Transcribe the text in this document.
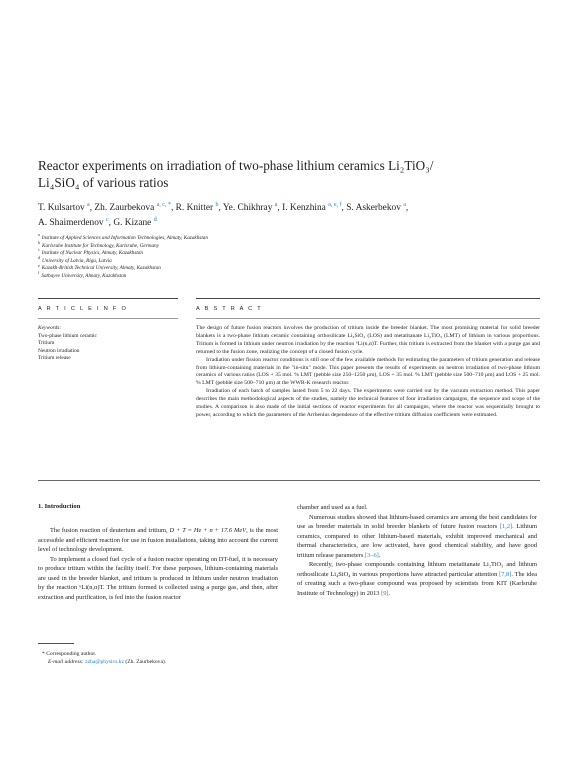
Reactor experiments on irradiation of two-phase lithium ceramics Li₂TiO₃/
Li₄SiO₄ of various ratios
T. Kulsartov $^a$, Zh. Zaurbekova $^{a, c, *}$, R. Knitter $^b$, Ye. Chikhray $^a$, I. Kenzhina $^{a, e, f}$, S. Askerbekov $^a$,
A. Shaimerdenov $^c$, G. Kizane $^d$
$^a$Institute of Applied Sciences and Information Technologies, Almaty, Kazakhstan
$^b$Karlsruhe Institute for Technology, Karlsruhe, Germany
$^c$Institute of Nuclear Physics, Almaty, Kazakhstan
$^d$University of Latvia, Riga, Latvia
$^e$Kazakh-British Technical University, Almaty, Kazakhstan
$^f$Satbayev University, Almaty, Kazakhstan
A R T I C L E I N F O	A B S T R A C T
Keywords:
Two-phase lithium ceramic
Tritium
Neutron irradiation
Tritium release

The design of future fusion reactors involves the production of tritium inside the breeder blanket. The most promising material for solid breeder blankets is a two-phase lithium ceramic containing orthosilicate Li₄SiO₄ (LOS) and metatitanate Li₂TiO₃ (LMT) of lithium in various proportions. Tritium is formed in lithium under neutron irradiation by the reaction ⁶Li(n,α)T. Further, this tritium is extracted from the blanket with a purge gas and returned to the fusion zone, realizing the concept of a closed fusion cycle.

Irradiation under fission reactor conditions is still one of the few available methods for estimating the parameters of tritium generation and release from lithium-containing materials in the "in-situ" mode. This paper presents the results of experiments on neutron irradiation of two-phase lithium ceramics of various ratios (LOS + 35 mol. % LMT (pebble size 250–1250 μm), LOS + 35 mol. % LMT (pebble size 500–710 μm) and LOS + 25 mol. % LMT (pebble size 500–710 μm) at the WWR-K research reactor.

Irradiation of each batch of samples lasted from 5 to 22 days. The experiments were carried out by the vacuum extraction method. This paper describes the main methodological aspects of the studies, namely the technical features of four irradiation campaigns, the sequence and scope of the studies. A comparison is also made of the initial sections of reactor experiments for all campaigns, where the reactor was sequentially brought to power, according to which the parameters of the Arrhenius dependence of the effective tritium diffusion coefficients were estimated.

1. Introduction

The fusion reaction of deuterium and tritium, D + T = He + n + 17.6 MeV, is the most accessible and efficient reaction for use in fusion installations, taking into account the current level of technology development.

To implement a closed fuel cycle of a fusion reactor operating on DT-fuel, it is necessary to produce tritium within the facility itself. For these purposes, lithium-containing materials are used in the breeder blanket, and tritium is produced in lithium under neutron irradiation by the reaction ⁶Li(n,α)T. The tritium formed is collected using a purge gas, and then, after extraction and purification, is fed into the fusion reactor

chamber and used as a fuel.

Numerous studies showed that lithium-based ceramics are among the best candidates for use as breeder materials in solid breeder blankets of future fusion reactors [1,2]. Lithium ceramics, compared to other lithium-based materials, exhibit improved mechanical and thermal characteristics, are low activated, have good chemical stability, and have good tritium release parameters [3–6].

Recently, two-phase compounds containing lithium metatitanate Li₂TiO₃ and lithium orthosilicate Li₄SiO₄ in various proportions have attracted particular attention [7,8]. The idea of creating such a two-phase compound was proposed by scientists from KIT (Karlsruhe Institute of Technology) in 2013 [9].

* Corresponding author.
E-mail address: zzha@physics.kz (Zh. Zaurbekova).
